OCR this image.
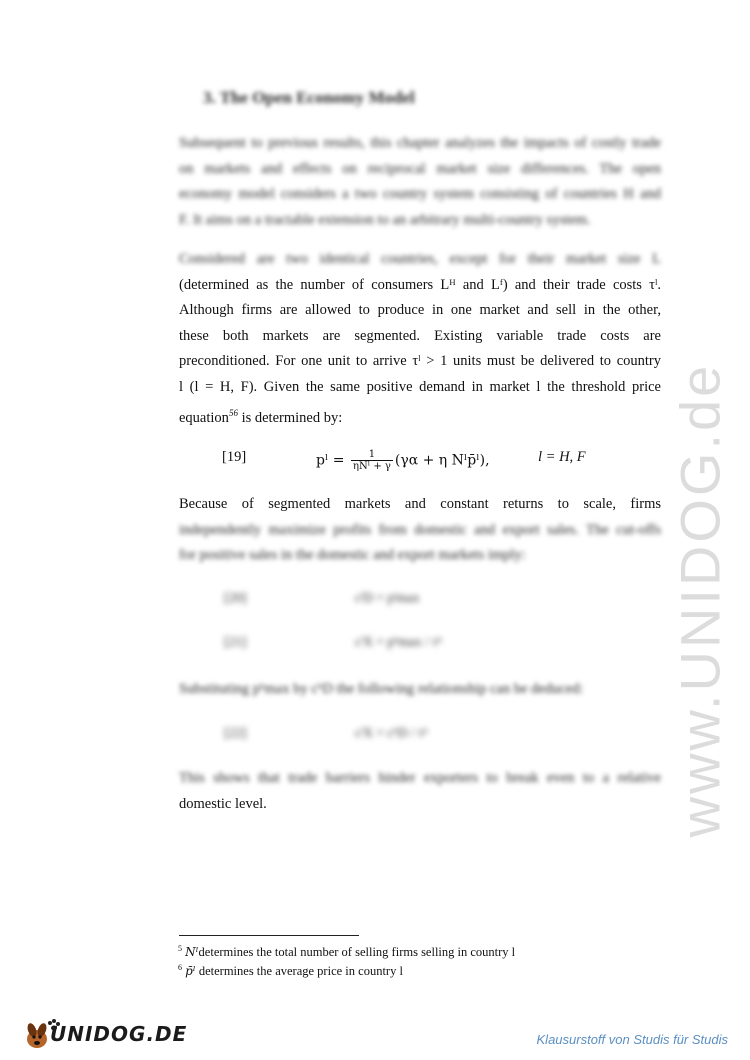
www.UNIDOG.de
3. The Open Economy Model
Subsequent to previous results, this chapter analyzes the impacts of costly trade
on markets and effects on reciprocal market size differences. The open
economy model considers a two country system consisting of countries H and
F. It aims on a tractable extension to an arbitrary multi-country system.
Considered are two identical countries, except for their market size L
(determined as the number of consumers Lᴴ and Lᶠ) and their trade costs τˡ.
Although firms are allowed to produce in one market and sell in the other,
these both markets are segmented. Existing variable trade costs are
preconditioned. For one unit to arrive τˡ > 1 units must be delivered to country
l (l = H, F). Given the same positive demand in market l the threshold price
equation$^{56}$ is determined by:
[19]	pˡ = $\frac{1}{\text{ηNˡ + γ}} (\gamma\alpha + \eta$ Nˡp̄ˡ),	l = H, F
Because of segmented markets and constant returns to scale, firms
independently maximize profits from domestic and export sales. The cut-offs
for positive sales in the domestic and export markets imply:
[20]	cˡD = pˡmax
[21]	cˡX = pʰmax / τʰ
Substituting pʰmax by cʰD the following relationship can be deduced:
[22]	cˡX = cʰD / τʰ
This shows that trade barriers hinder exporters to break even to a relative
domestic level.
$^5$ Nˡdetermines the total number of selling firms selling in country l
$^6$ p̄ˡ determines the average price in country l
UNIDOG.DE	Klausurstoff von Studis für Studis
